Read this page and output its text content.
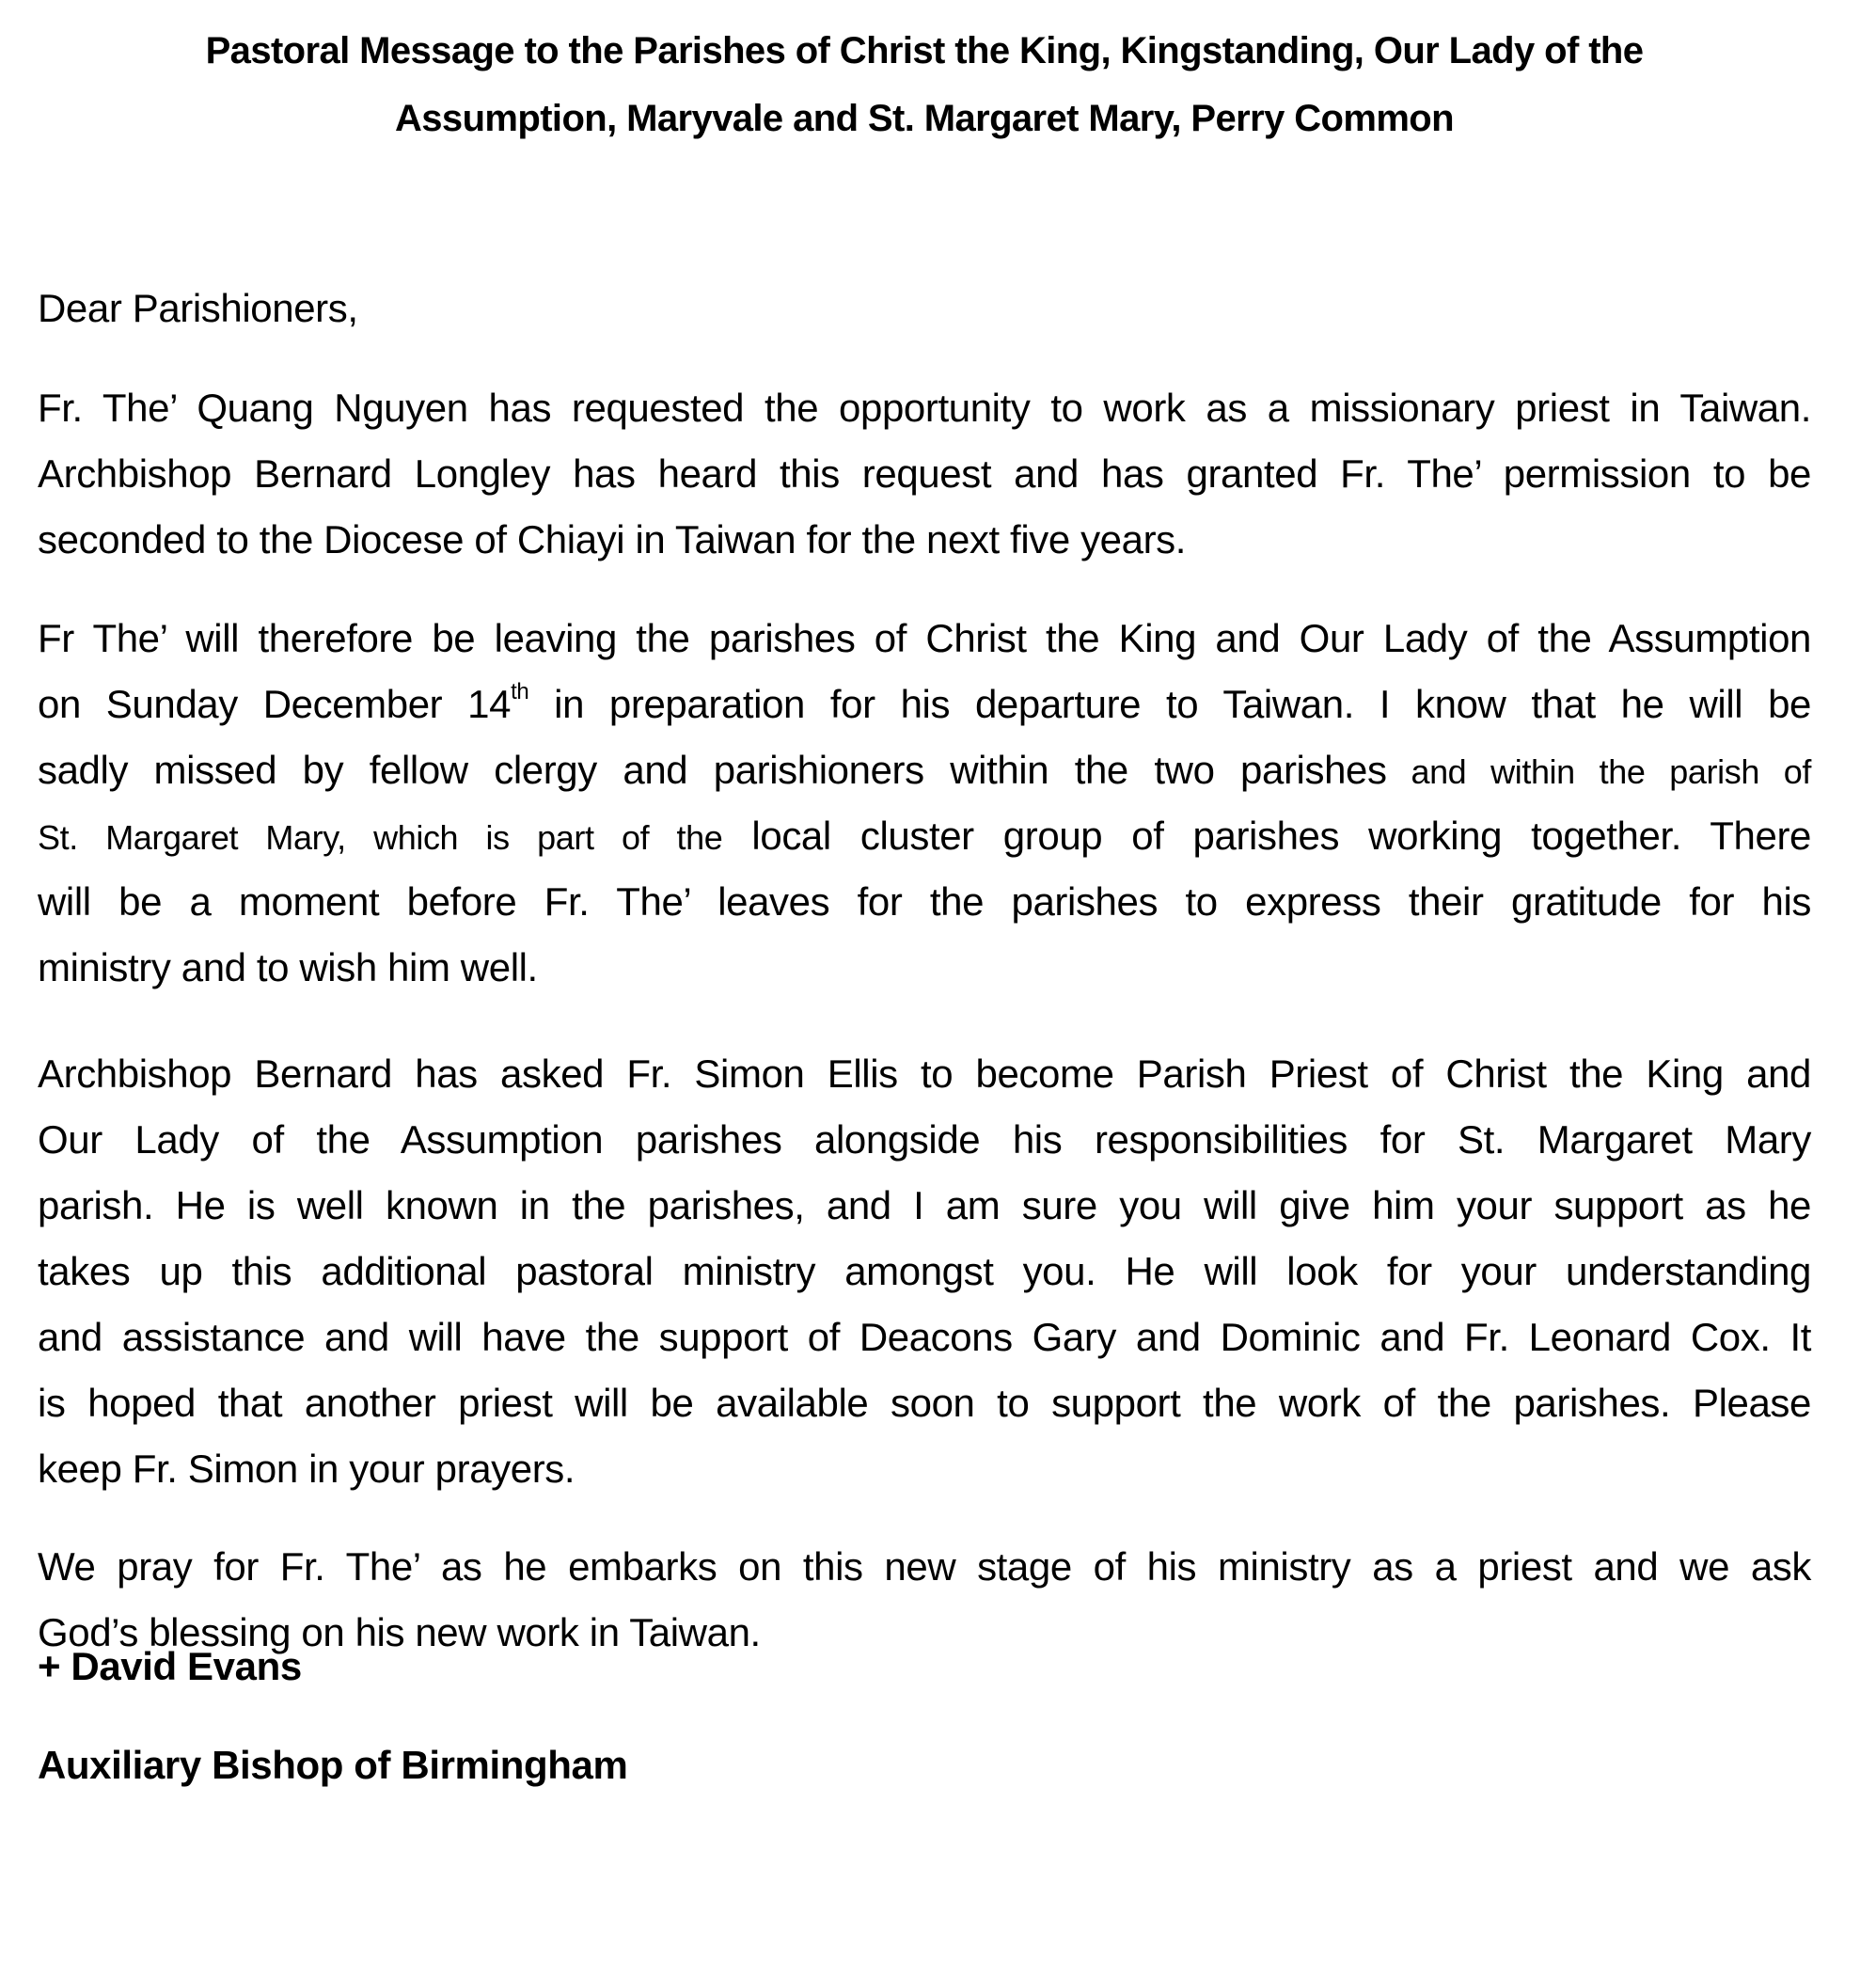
Pastoral Message to the Parishes of Christ the King, Kingstanding, Our Lady of the
Assumption, Maryvale and St. Margaret Mary, Perry Common
Dear Parishioners,
Fr. The’ Quang Nguyen has requested the opportunity to work as a missionary priest in Taiwan.
Archbishop Bernard Longley has heard this request and has granted Fr. The’ permission to be
seconded to the Diocese of Chiayi in Taiwan for the next five years.
Fr The’ will therefore be leaving the parishes of Christ the King and Our Lady of the Assumption
on Sunday December 14th in preparation for his departure to Taiwan. I know that he will be
sadly missed by fellow clergy and parishioners within the two parishes and within the parish of
St. Margaret Mary, which is part of the local cluster group of parishes working together. There
will be a moment before Fr. The’ leaves for the parishes to express their gratitude for his
ministry and to wish him well.
Archbishop Bernard has asked Fr. Simon Ellis to become Parish Priest of Christ the King and
Our Lady of the Assumption parishes alongside his responsibilities for St. Margaret Mary
parish. He is well known in the parishes, and I am sure you will give him your support as he
takes up this additional pastoral ministry amongst you. He will look for your understanding
and assistance and will have the support of Deacons Gary and Dominic and Fr. Leonard Cox. It
is hoped that another priest will be available soon to support the work of the parishes. Please
keep Fr. Simon in your prayers.
We pray for Fr. The’ as he embarks on this new stage of his ministry as a priest and we ask
God’s blessing on his new work in Taiwan.
+ David Evans
Auxiliary Bishop of Birmingham
